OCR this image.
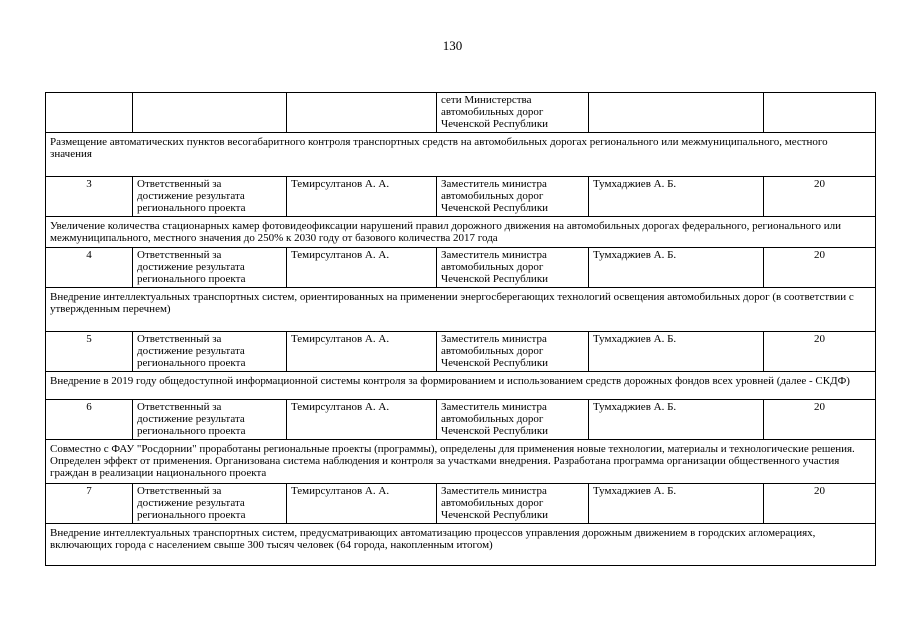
130
			сети Министерства
автомобильных дорог
Чеченской Республики		
Размещение автоматических пунктов весогабаритного контроля транспортных средств на автомобильных дорогах регионального или межмуниципального, местного значения					
3	Ответственный за
достижение результата
регионального проекта	Темирсултанов А. А.	Заместитель министра
автомобильных дорог
Чеченской Республики	Тумхаджиев А. Б.	20
Увеличение количества стационарных камер фотовидеофиксации нарушений правил дорожного движения на автомобильных дорогах федерального, регионального или межмуниципального, местного значения до 250% к 2030 году от базового количества 2017 года					
4	Ответственный за
достижение результата
регионального проекта	Темирсултанов А. А.	Заместитель министра
автомобильных дорог
Чеченской Республики	Тумхаджиев А. Б.	20
Внедрение интеллектуальных транспортных систем, ориентированных на применении энергосберегающих технологий освещения автомобильных дорог (в соответствии с утвержденным перечнем)					
5	Ответственный за
достижение результата
регионального проекта	Темирсултанов А. А.	Заместитель министра
автомобильных дорог
Чеченской Республики	Тумхаджиев А. Б.	20
Внедрение в 2019 году общедоступной информационной системы контроля за формированием и использованием средств дорожных фондов всех уровней (далее - СКДФ)					
6	Ответственный за
достижение результата
регионального проекта	Темирсултанов А. А.	Заместитель министра
автомобильных дорог
Чеченской Республики	Тумхаджиев А. Б.	20
Совместно с ФАУ "Росдорнии" проработаны региональные проекты (программы), определены для применения новые технологии, материалы и технологические решения. Определен эффект от применения. Организована система наблюдения и контроля за участками внедрения. Разработана программа организации общественного участия граждан в реализации национального проекта					
7	Ответственный за
достижение результата
регионального проекта	Темирсултанов А. А.	Заместитель министра
автомобильных дорог
Чеченской Республики	Тумхаджиев А. Б.	20
Внедрение интеллектуальных транспортных систем, предусматривающих автоматизацию процессов управления дорожным движением в городских агломерациях, включающих города с населением свыше 300 тысяч человек (64 города, накопленным итогом)					
